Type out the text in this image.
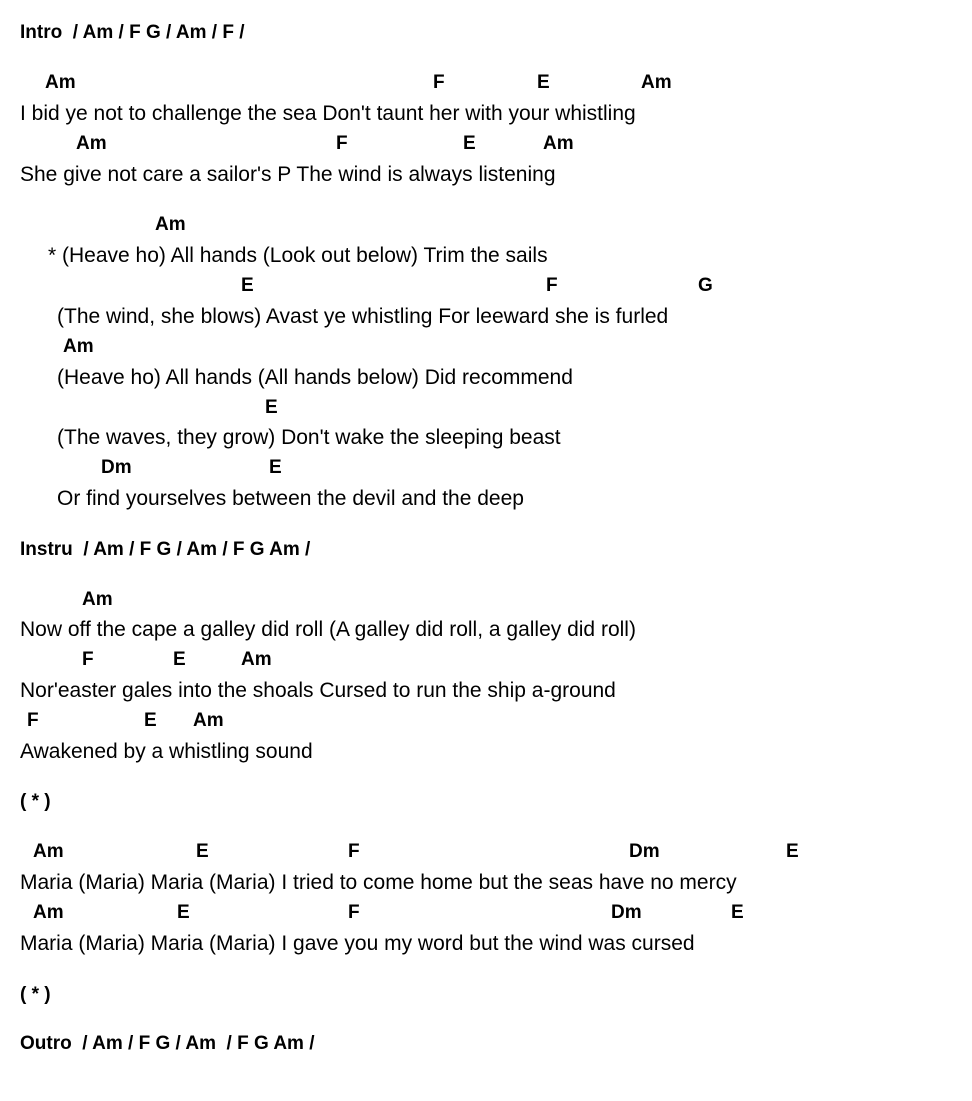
Intro  / Am / F G / Am / F /
Am	F	E	Am
I bid ye not to challenge the sea Don't taunt her with your whistling
Am	F	E	Am
She give not care a sailor's P The wind is always listening
Am
* (Heave ho) All hands (Look out below) Trim the sails
E	F	G
(The wind, she blows) Avast ye whistling For leeward she is furled
Am
(Heave ho) All hands (All hands below) Did recommend
E
(The waves, they grow) Don't wake the sleeping beast
Dm	E
Or find yourselves between the devil and the deep
Instru  / Am / F G / Am / F G Am /
Am
Now off the cape a galley did roll (A galley did roll, a galley did roll)
F	E	Am
Nor'easter gales into the shoals Cursed to run the ship a-ground
F	E Am
Awakened by a whistling sound
( * )
Am	E	F	Dm	E
Maria (Maria) Maria (Maria) I tried to come home but the seas have no mercy
Am	E	F	Dm	E
Maria (Maria) Maria (Maria) I gave you my word but the wind was cursed
( * )
Outro  / Am / F G / Am  / F G Am /
